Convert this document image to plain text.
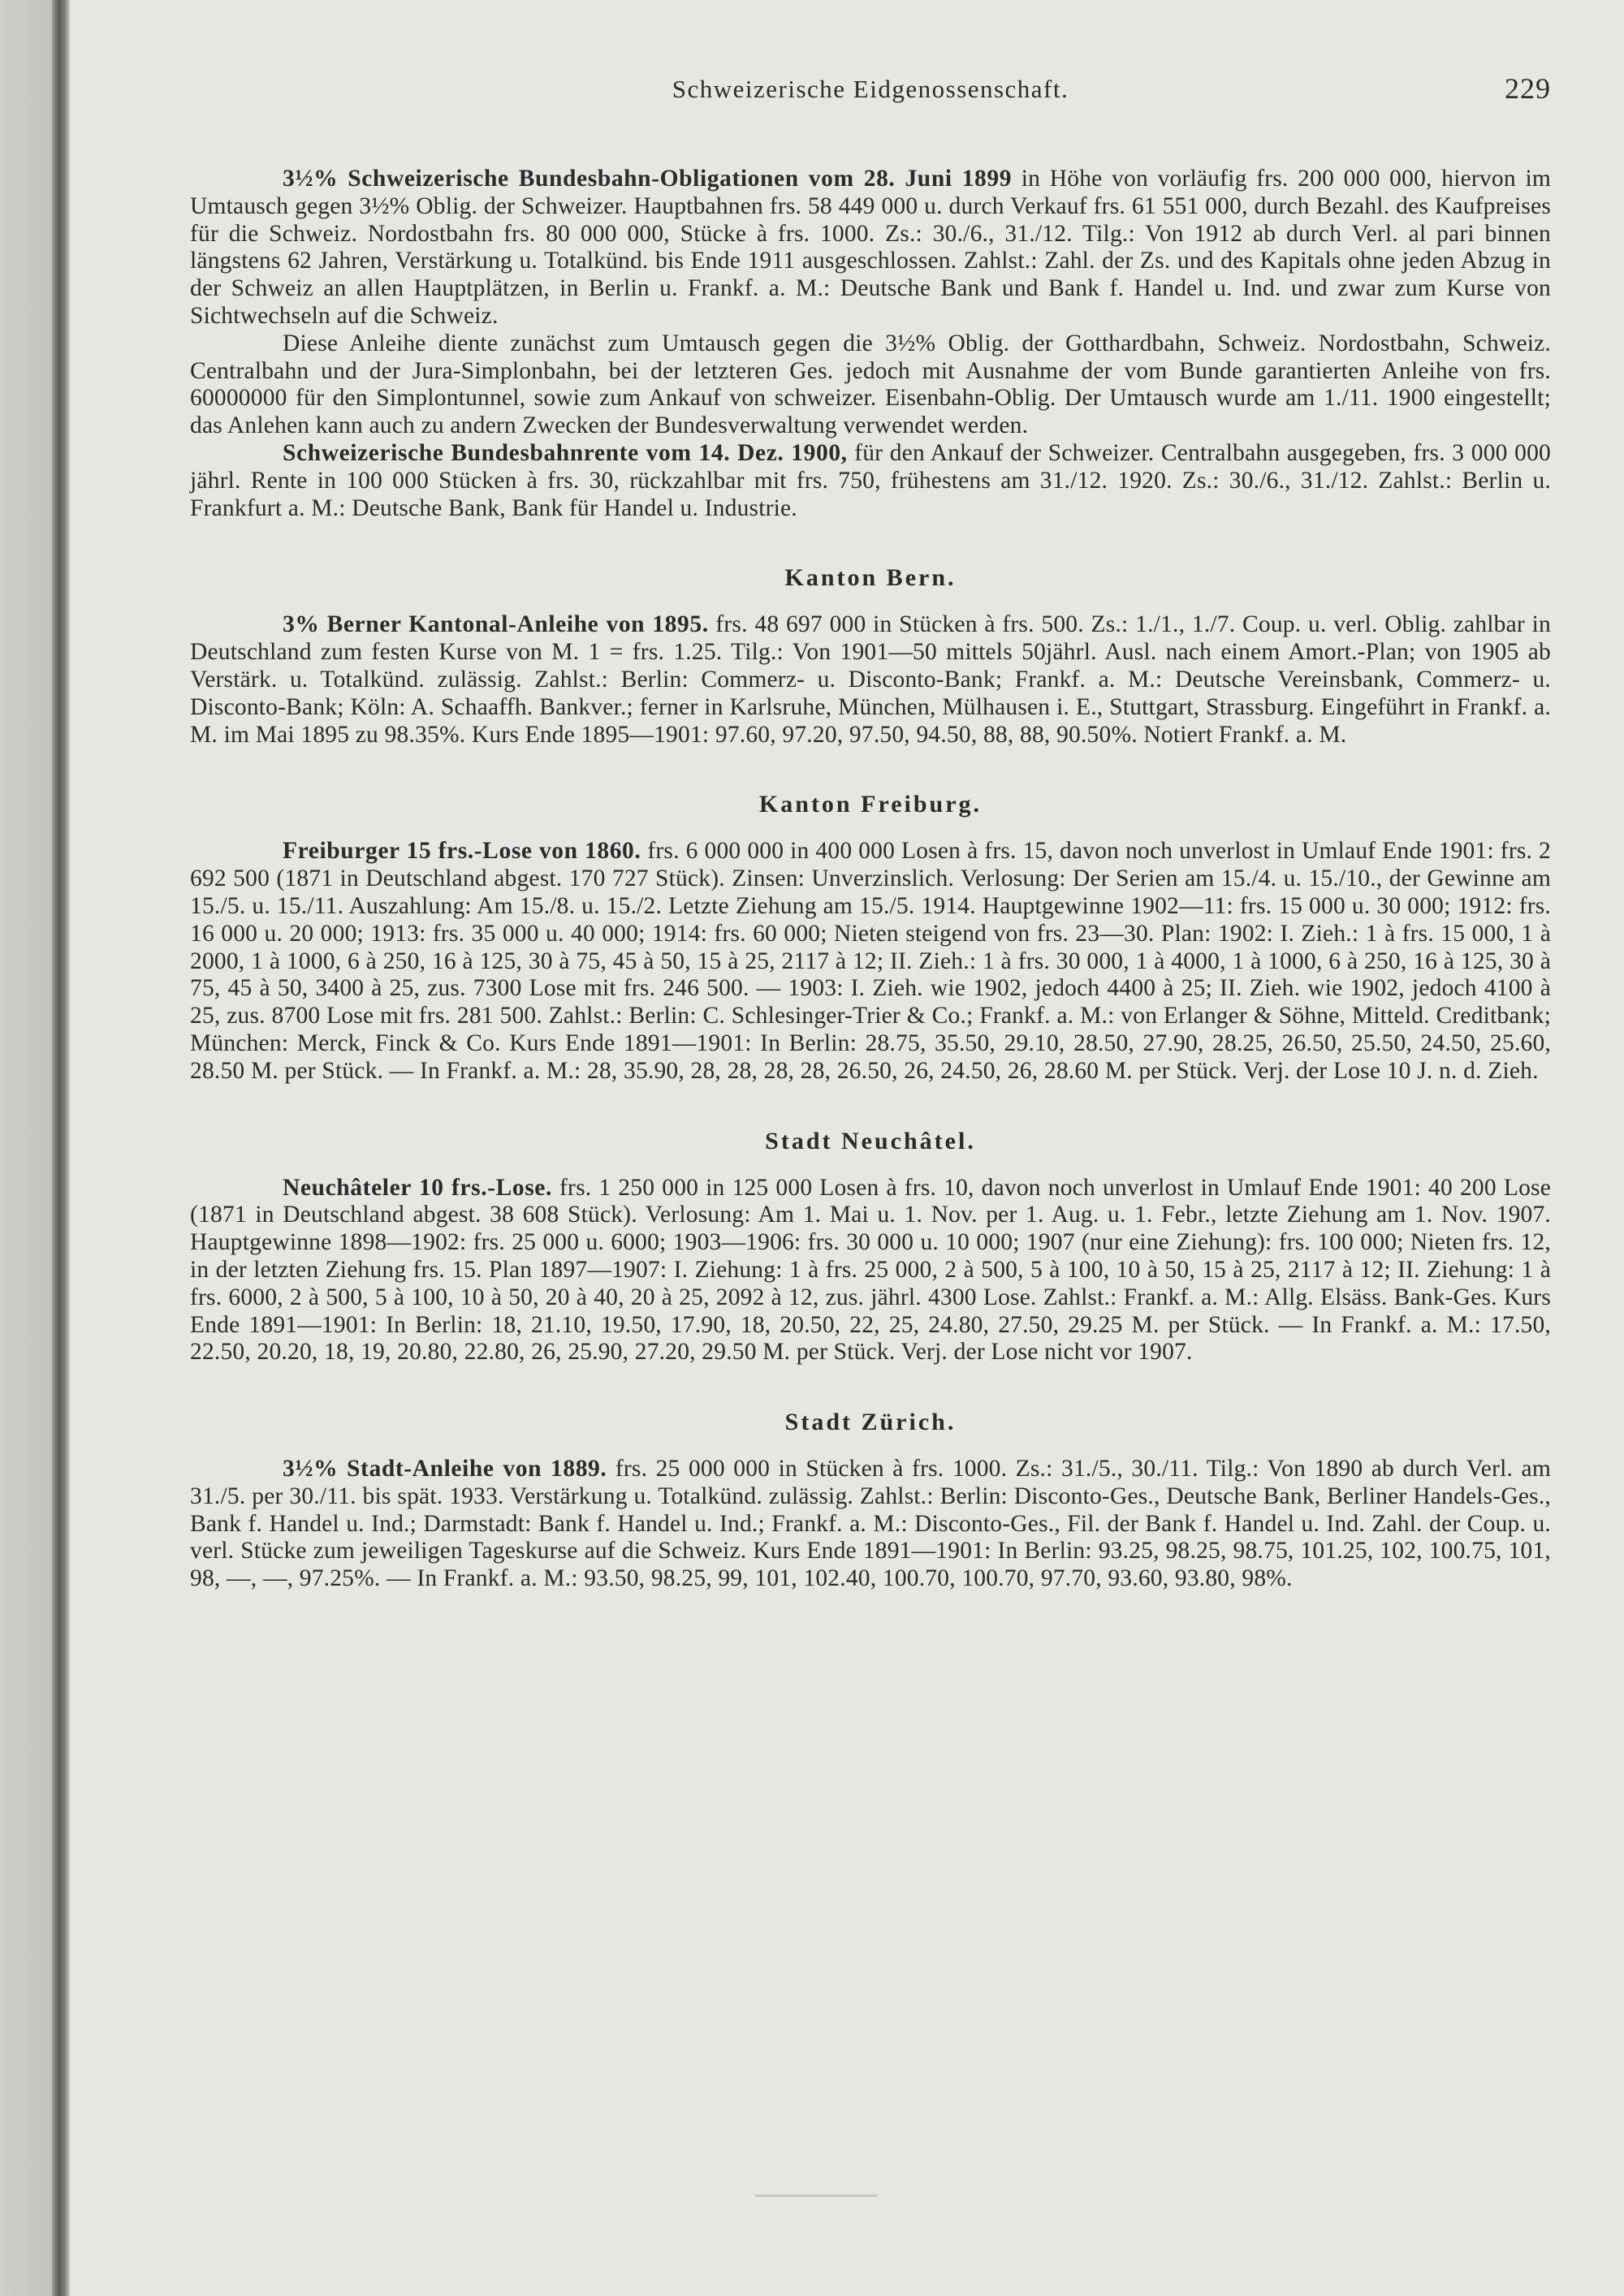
Schweizerische Eidgenossenschaft.	229

3½% Schweizerische Bundesbahn-Obligationen vom 28. Juni 1899 in Höhe von vorläufig frs. 200 000 000, hiervon im Umtausch gegen 3½% Oblig. der Schweizer. Hauptbahnen frs. 58 449 000 u. durch Verkauf frs. 61 551 000, durch Bezahl. des Kaufpreises für die Schweiz. Nordostbahn frs. 80 000 000, Stücke à frs. 1000. Zs.: 30./6., 31./12. Tilg.: Von 1912 ab durch Verl. al pari binnen längstens 62 Jahren, Verstärkung u. Totalkünd. bis Ende 1911 ausgeschlossen. Zahlst.: Zahl. der Zs. und des Kapitals ohne jeden Abzug in der Schweiz an allen Hauptplätzen, in Berlin u. Frankf. a. M.: Deutsche Bank und Bank f. Handel u. Ind. und zwar zum Kurse von Sichtwechseln auf die Schweiz.

Diese Anleihe diente zunächst zum Umtausch gegen die 3½% Oblig. der Gotthardbahn, Schweiz. Nordostbahn, Schweiz. Centralbahn und der Jura-Simplonbahn, bei der letzteren Ges. jedoch mit Ausnahme der vom Bunde garantierten Anleihe von frs. 60000000 für den Simplontunnel, sowie zum Ankauf von schweizer. Eisenbahn-Oblig. Der Umtausch wurde am 1./11. 1900 eingestellt; das Anlehen kann auch zu andern Zwecken der Bundesverwaltung verwendet werden.

Schweizerische Bundesbahnrente vom 14. Dez. 1900, für den Ankauf der Schweizer. Centralbahn ausgegeben, frs. 3 000 000 jährl. Rente in 100 000 Stücken à frs. 30, rückzahlbar mit frs. 750, frühestens am 31./12. 1920. Zs.: 30./6., 31./12. Zahlst.: Berlin u. Frankfurt a. M.: Deutsche Bank, Bank für Handel u. Industrie.

Kanton Bern.

3% Berner Kantonal-Anleihe von 1895. frs. 48 697 000 in Stücken à frs. 500. Zs.: 1./1., 1./7. Coup. u. verl. Oblig. zahlbar in Deutschland zum festen Kurse von M. 1 = frs. 1.25. Tilg.: Von 1901—50 mittels 50jährl. Ausl. nach einem Amort.-Plan; von 1905 ab Verstärk. u. Totalkünd. zulässig. Zahlst.: Berlin: Commerz- u. Disconto-Bank; Frankf. a. M.: Deutsche Vereinsbank, Commerz- u. Disconto-Bank; Köln: A. Schaaffh. Bankver.; ferner in Karlsruhe, München, Mülhausen i. E., Stuttgart, Strassburg. Eingeführt in Frankf. a. M. im Mai 1895 zu 98.35%. Kurs Ende 1895—1901: 97.60, 97.20, 97.50, 94.50, 88, 88, 90.50%. Notiert Frankf. a. M.

Kanton Freiburg.

Freiburger 15 frs.-Lose von 1860. frs. 6 000 000 in 400 000 Losen à frs. 15, davon noch unverlost in Umlauf Ende 1901: frs. 2 692 500 (1871 in Deutschland abgest. 170 727 Stück). Zinsen: Unverzinslich. Verlosung: Der Serien am 15./4. u. 15./10., der Gewinne am 15./5. u. 15./11. Auszahlung: Am 15./8. u. 15./2. Letzte Ziehung am 15./5. 1914. Hauptgewinne 1902—11: frs. 15 000 u. 30 000; 1912: frs. 16 000 u. 20 000; 1913: frs. 35 000 u. 40 000; 1914: frs. 60 000; Nieten steigend von frs. 23—30. Plan: 1902: I. Zieh.: 1 à frs. 15 000, 1 à 2000, 1 à 1000, 6 à 250, 16 à 125, 30 à 75, 45 à 50, 15 à 25, 2117 à 12; II. Zieh.: 1 à frs. 30 000, 1 à 4000, 1 à 1000, 6 à 250, 16 à 125, 30 à 75, 45 à 50, 3400 à 25, zus. 7300 Lose mit frs. 246 500. — 1903: I. Zieh. wie 1902, jedoch 4400 à 25; II. Zieh. wie 1902, jedoch 4100 à 25, zus. 8700 Lose mit frs. 281 500. Zahlst.: Berlin: C. Schlesinger-Trier & Co.; Frankf. a. M.: von Erlanger & Söhne, Mitteld. Creditbank; München: Merck, Finck & Co. Kurs Ende 1891—1901: In Berlin: 28.75, 35.50, 29.10, 28.50, 27.90, 28.25, 26.50, 25.50, 24.50, 25.60, 28.50 M. per Stück. — In Frankf. a. M.: 28, 35.90, 28, 28, 28, 28, 26.50, 26, 24.50, 26, 28.60 M. per Stück. Verj. der Lose 10 J. n. d. Zieh.

Stadt Neuchâtel.

Neuchâteler 10 frs.-Lose. frs. 1 250 000 in 125 000 Losen à frs. 10, davon noch unverlost in Umlauf Ende 1901: 40 200 Lose (1871 in Deutschland abgest. 38 608 Stück). Verlosung: Am 1. Mai u. 1. Nov. per 1. Aug. u. 1. Febr., letzte Ziehung am 1. Nov. 1907. Hauptgewinne 1898—1902: frs. 25 000 u. 6000; 1903—1906: frs. 30 000 u. 10 000; 1907 (nur eine Ziehung): frs. 100 000; Nieten frs. 12, in der letzten Ziehung frs. 15. Plan 1897—1907: I. Ziehung: 1 à frs. 25 000, 2 à 500, 5 à 100, 10 à 50, 15 à 25, 2117 à 12; II. Ziehung: 1 à frs. 6000, 2 à 500, 5 à 100, 10 à 50, 20 à 40, 20 à 25, 2092 à 12, zus. jährl. 4300 Lose. Zahlst.: Frankf. a. M.: Allg. Elsäss. Bank-Ges. Kurs Ende 1891—1901: In Berlin: 18, 21.10, 19.50, 17.90, 18, 20.50, 22, 25, 24.80, 27.50, 29.25 M. per Stück. — In Frankf. a. M.: 17.50, 22.50, 20.20, 18, 19, 20.80, 22.80, 26, 25.90, 27.20, 29.50 M. per Stück. Verj. der Lose nicht vor 1907.

Stadt Zürich.

3½% Stadt-Anleihe von 1889. frs. 25 000 000 in Stücken à frs. 1000. Zs.: 31./5., 30./11. Tilg.: Von 1890 ab durch Verl. am 31./5. per 30./11. bis spät. 1933. Verstärkung u. Totalkünd. zulässig. Zahlst.: Berlin: Disconto-Ges., Deutsche Bank, Berliner Handels-Ges., Bank f. Handel u. Ind.; Darmstadt: Bank f. Handel u. Ind.; Frankf. a. M.: Disconto-Ges., Fil. der Bank f. Handel u. Ind. Zahl. der Coup. u. verl. Stücke zum jeweiligen Tageskurse auf die Schweiz. Kurs Ende 1891—1901: In Berlin: 93.25, 98.25, 98.75, 101.25, 102, 100.75, 101, 98, —, —, 97.25%. — In Frankf. a. M.: 93.50, 98.25, 99, 101, 102.40, 100.70, 100.70, 97.70, 93.60, 93.80, 98%.
